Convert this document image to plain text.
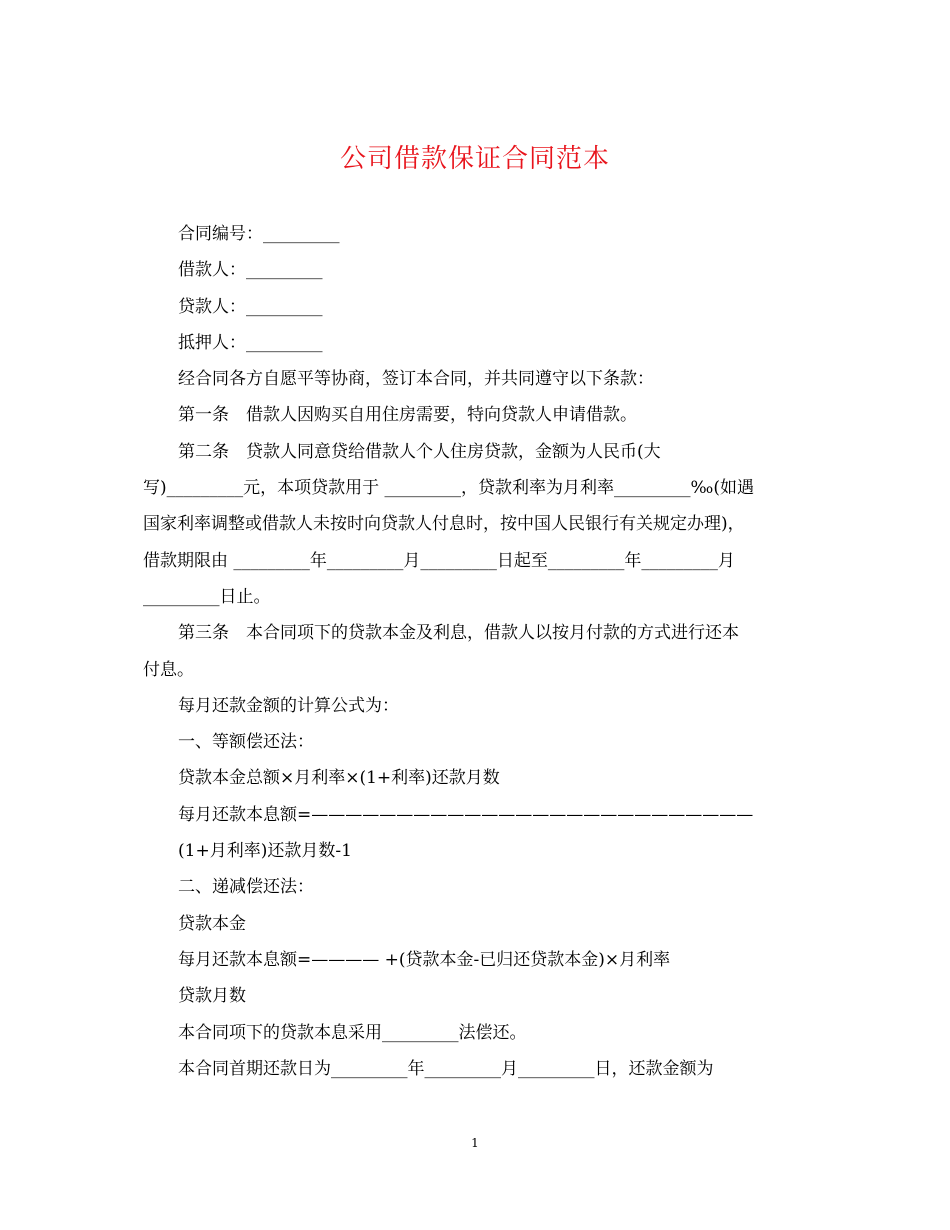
公司借款保证合同范本
合同编号：_________
借款人：_________
贷款人：_________
抵押人：_________
经合同各方自愿平等协商，签订本合同，并共同遵守以下条款：
第一条　借款人因购买自用住房需要，特向贷款人申请借款。
第二条　贷款人同意贷给借款人个人住房贷款，金额为人民币(大
写)_________元，本项贷款用于 _________，贷款利率为月利率_________‰(如遇
国家利率调整或借款人未按时向贷款人付息时，按中国人民银行有关规定办理)，
借款期限由 _________年_________月_________日起至_________年_________月
_________日止。
第三条　本合同项下的贷款本金及利息，借款人以按月付款的方式进行还本
付息。
每月还款金额的计算公式为：
一、等额偿还法：
贷款本金总额×月利率×(1+利率)还款月数
每月还款本息额=——————————————————————————
(1+月利率)还款月数-1
二、递减偿还法：
贷款本金
每月还款本息额=———— +(贷款本金-已归还贷款本金)×月利率
贷款月数
本合同项下的贷款本息采用_________法偿还。
本合同首期还款日为_________年_________月_________日，还款金额为
1
